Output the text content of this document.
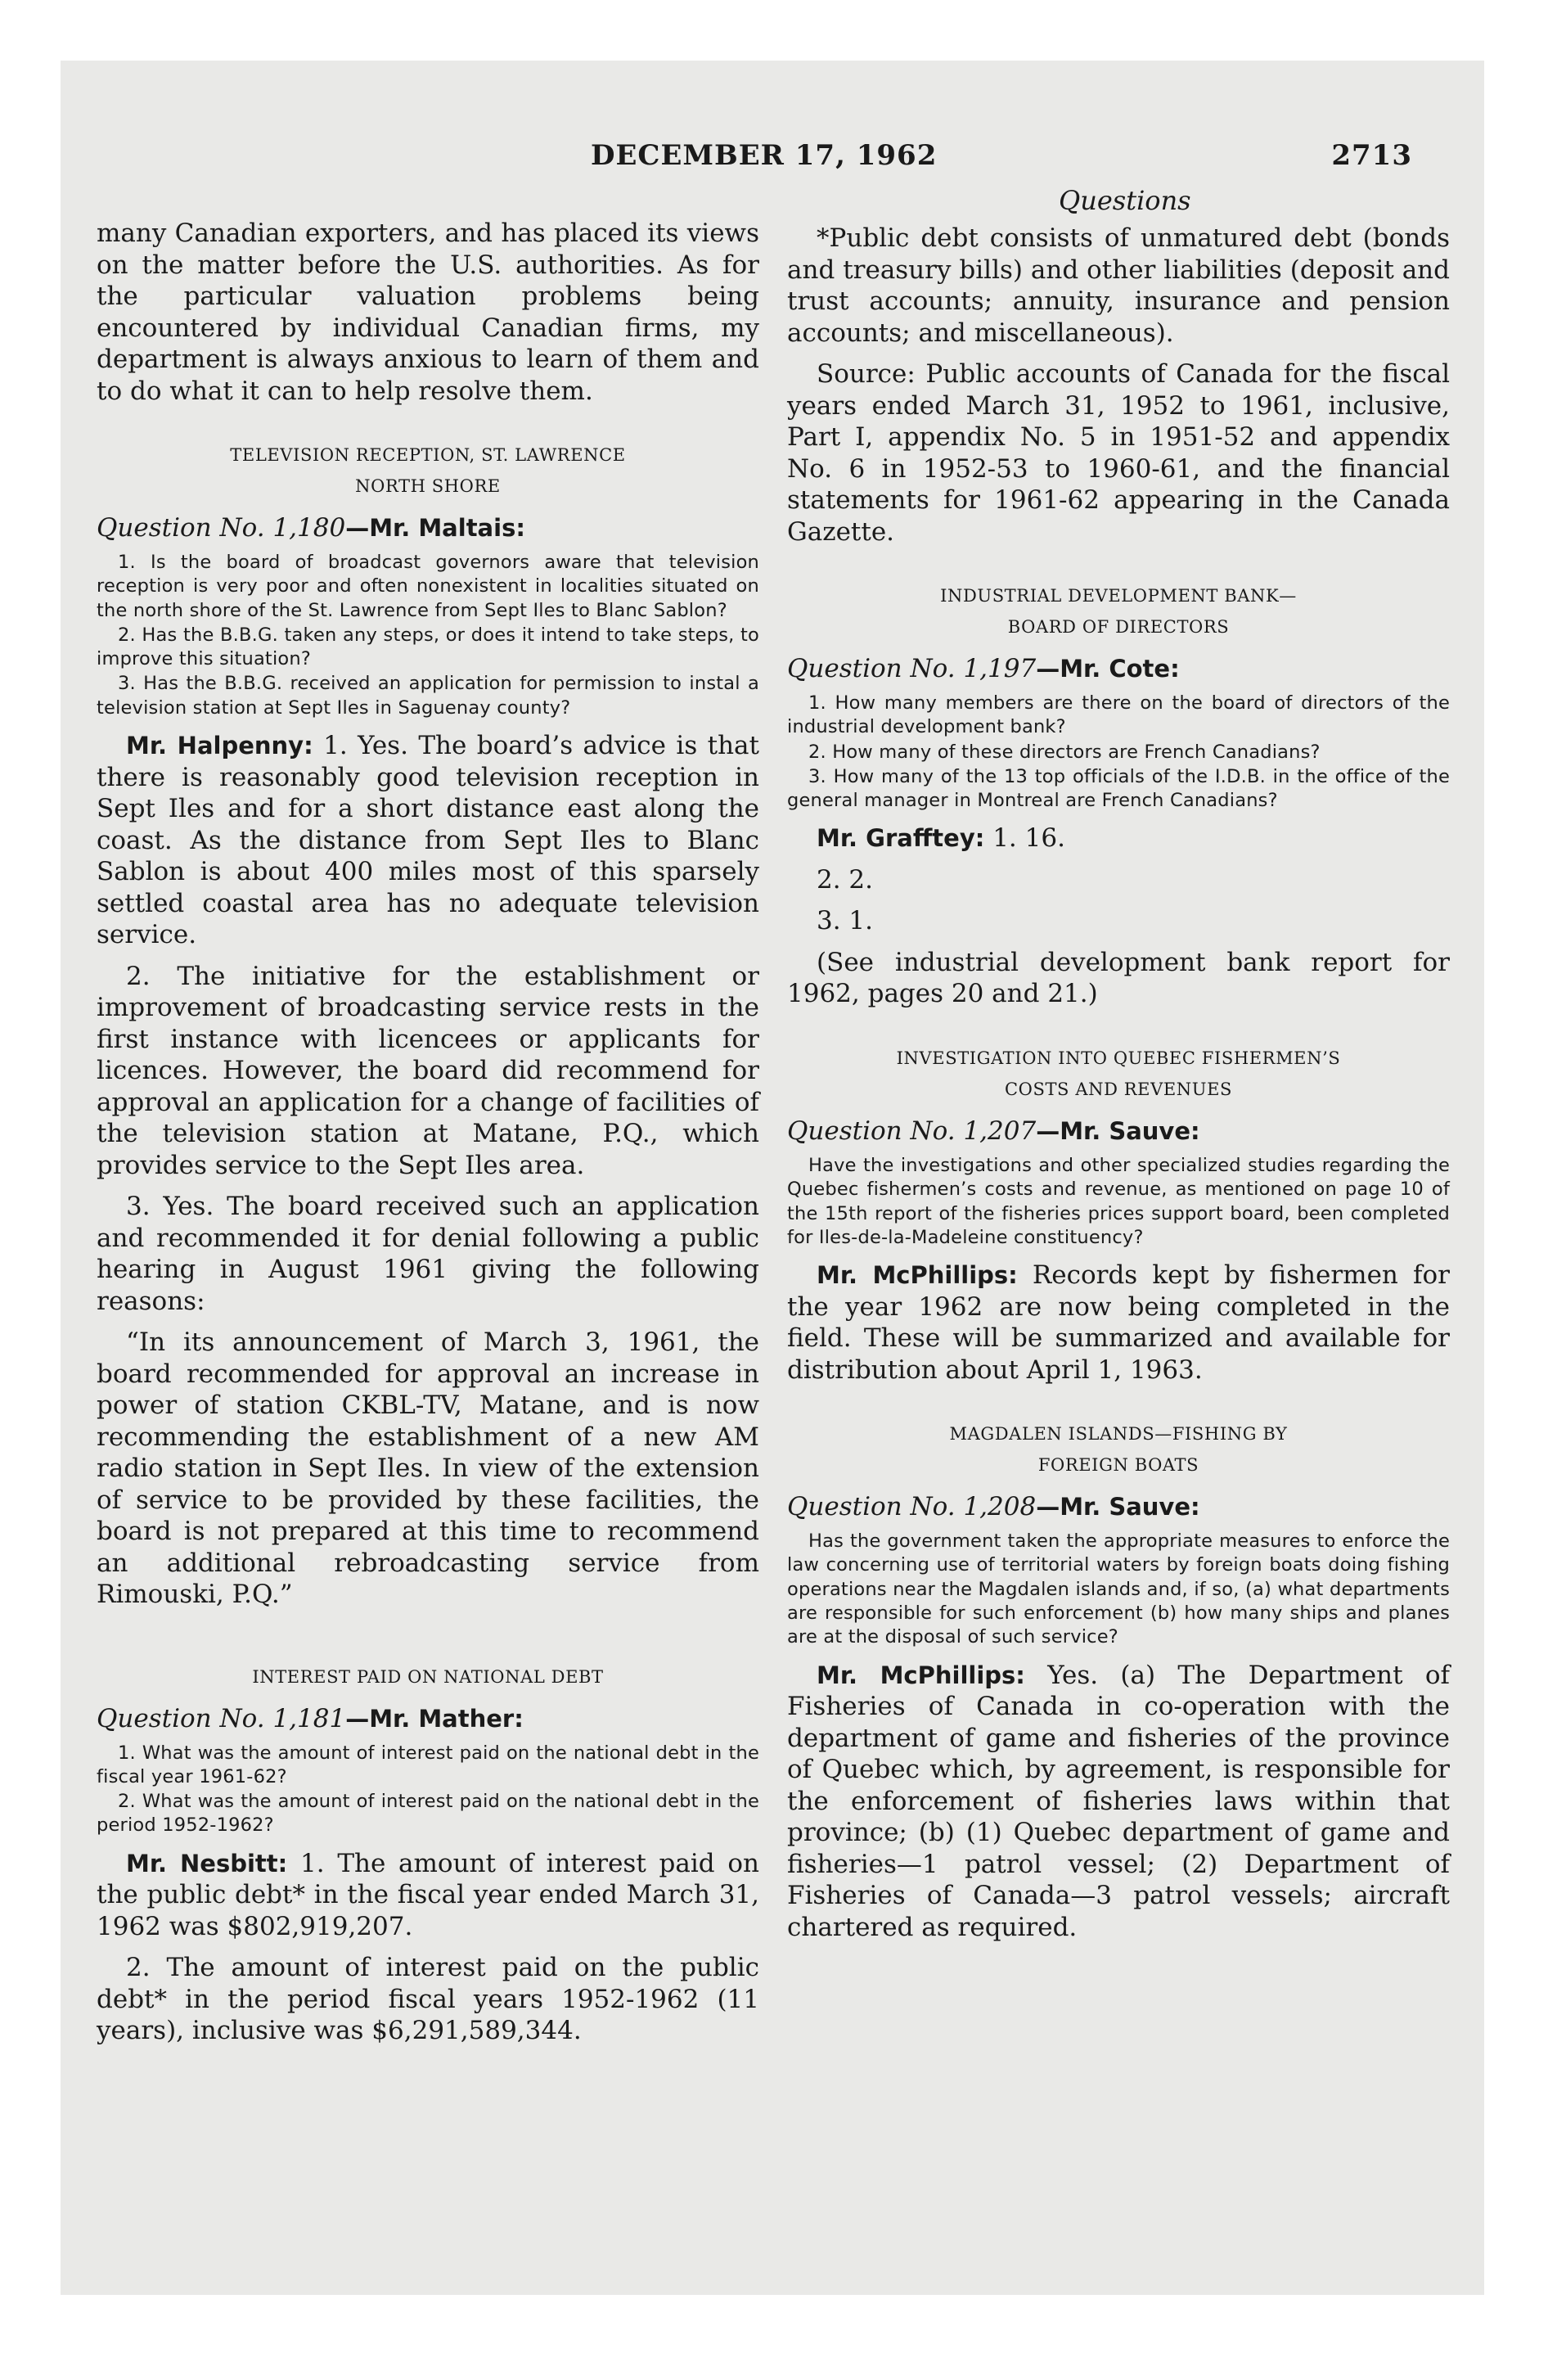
DECEMBER 17, 1962	2713
Questions

many Canadian exporters, and has placed its views on the matter before the U.S. authorities. As for the particular valuation problems being encountered by individual Canadian firms, my department is always anxious to learn of them and to do what it can to help resolve them.

TELEVISION RECEPTION, ST. LAWRENCE
NORTH SHORE

Question No. 1,180—Mr. Maltais:

1. Is the board of broadcast governors aware that television reception is very poor and often nonexistent in localities situated on the north shore of the St. Lawrence from Sept Iles to Blanc Sablon?

2. Has the B.B.G. taken any steps, or does it intend to take steps, to improve this situation?

3. Has the B.B.G. received an application for permission to instal a television station at Sept Iles in Saguenay county?

Mr. Halpenny: 1. Yes. The board’s advice is that there is reasonably good television reception in Sept Iles and for a short distance east along the coast. As the distance from Sept Iles to Blanc Sablon is about 400 miles most of this sparsely settled coastal area has no adequate television service.

2. The initiative for the establishment or improvement of broadcasting service rests in the first instance with licencees or applicants for licences. However, the board did recommend for approval an application for a change of facilities of the television station at Matane, P.Q., which provides service to the Sept Iles area.

3. Yes. The board received such an application and recommended it for denial following a public hearing in August 1961 giving the following reasons:

“In its announcement of March 3, 1961, the board recommended for approval an increase in power of station CKBL-TV, Matane, and is now recommending the establishment of a new AM radio station in Sept Iles. In view of the extension of service to be provided by these facilities, the board is not prepared at this time to recommend an additional rebroadcasting service from Rimouski, P.Q.”

INTEREST PAID ON NATIONAL DEBT

Question No. 1,181—Mr. Mather:

1. What was the amount of interest paid on the national debt in the fiscal year 1961-62?

2. What was the amount of interest paid on the national debt in the period 1952-1962?

Mr. Nesbitt: 1. The amount of interest paid on the public debt* in the fiscal year ended March 31, 1962 was $802,919,207.

2. The amount of interest paid on the public debt* in the period fiscal years 1952-1962 (11 years), inclusive was $6,291,589,344.

*Public debt consists of unmatured debt (bonds and treasury bills) and other liabilities (deposit and trust accounts; annuity, insurance and pension accounts; and miscellaneous).

Source: Public accounts of Canada for the fiscal years ended March 31, 1952 to 1961, inclusive, Part I, appendix No. 5 in 1951-52 and appendix No. 6 in 1952-53 to 1960-61, and the financial statements for 1961-62 appearing in the Canada Gazette.

INDUSTRIAL DEVELOPMENT BANK—
BOARD OF DIRECTORS

Question No. 1,197—Mr. Cote:

1. How many members are there on the board of directors of the industrial development bank?

2. How many of these directors are French Canadians?

3. How many of the 13 top officials of the I.D.B. in the office of the general manager in Montreal are French Canadians?

Mr. Grafftey: 1. 16.

2. 2.

3. 1.

(See industrial development bank report for 1962, pages 20 and 21.)

INVESTIGATION INTO QUEBEC FISHERMEN’S
COSTS AND REVENUES

Question No. 1,207—Mr. Sauve:

Have the investigations and other specialized studies regarding the Quebec fishermen’s costs and revenue, as mentioned on page 10 of the 15th report of the fisheries prices support board, been completed for Iles-de-la-Madeleine constituency?

Mr. McPhillips: Records kept by fishermen for the year 1962 are now being completed in the field. These will be summarized and available for distribution about April 1, 1963.

MAGDALEN ISLANDS—FISHING BY
FOREIGN BOATS

Question No. 1,208—Mr. Sauve:

Has the government taken the appropriate measures to enforce the law concerning use of territorial waters by foreign boats doing fishing operations near the Magdalen islands and, if so, (a) what departments are responsible for such enforcement (b) how many ships and planes are at the disposal of such service?

Mr. McPhillips: Yes. (a) The Department of Fisheries of Canada in co-operation with the department of game and fisheries of the province of Quebec which, by agreement, is responsible for the enforcement of fisheries laws within that province; (b) (1) Quebec department of game and fisheries—1 patrol vessel; (2) Department of Fisheries of Canada—3 patrol vessels; aircraft chartered as required.
